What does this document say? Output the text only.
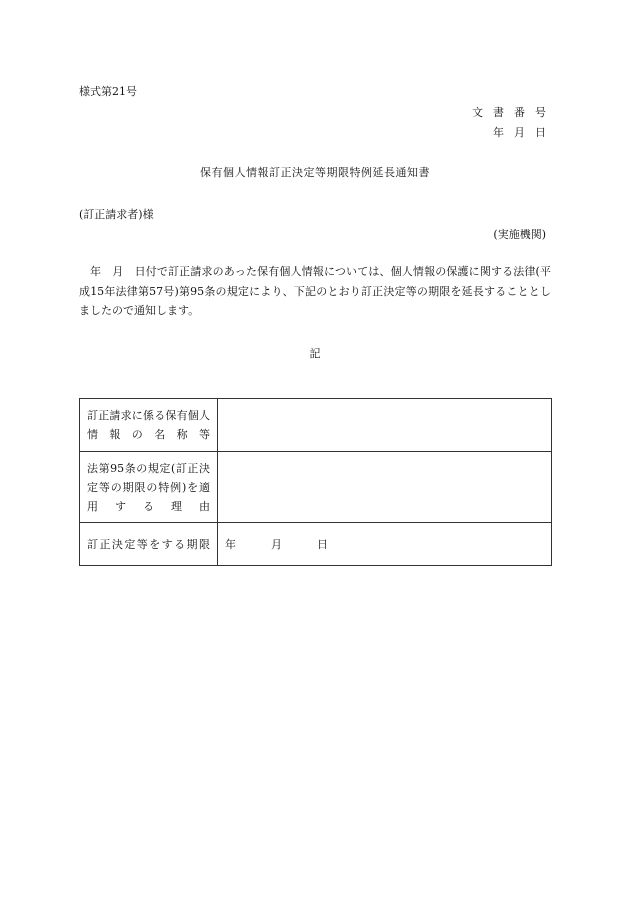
様式第21号
文書番号
年月日
保有個人情報訂正決定等期限特例延長通知書
(訂正請求者)様
(実施機関)
年　月　日付で訂正請求のあった保有個人情報については、個人情報の保護に関する法律(平成15年法律第57号)第95条の規定により、下記のとおり訂正決定等の期限を延長することとしましたので通知します。
記
訂正請求に係る保有個人情報の名称等	
法第95条の規定(訂正決定等の期限の特例)を適用する理由	
訂正決定等をする期限	年 月 日
